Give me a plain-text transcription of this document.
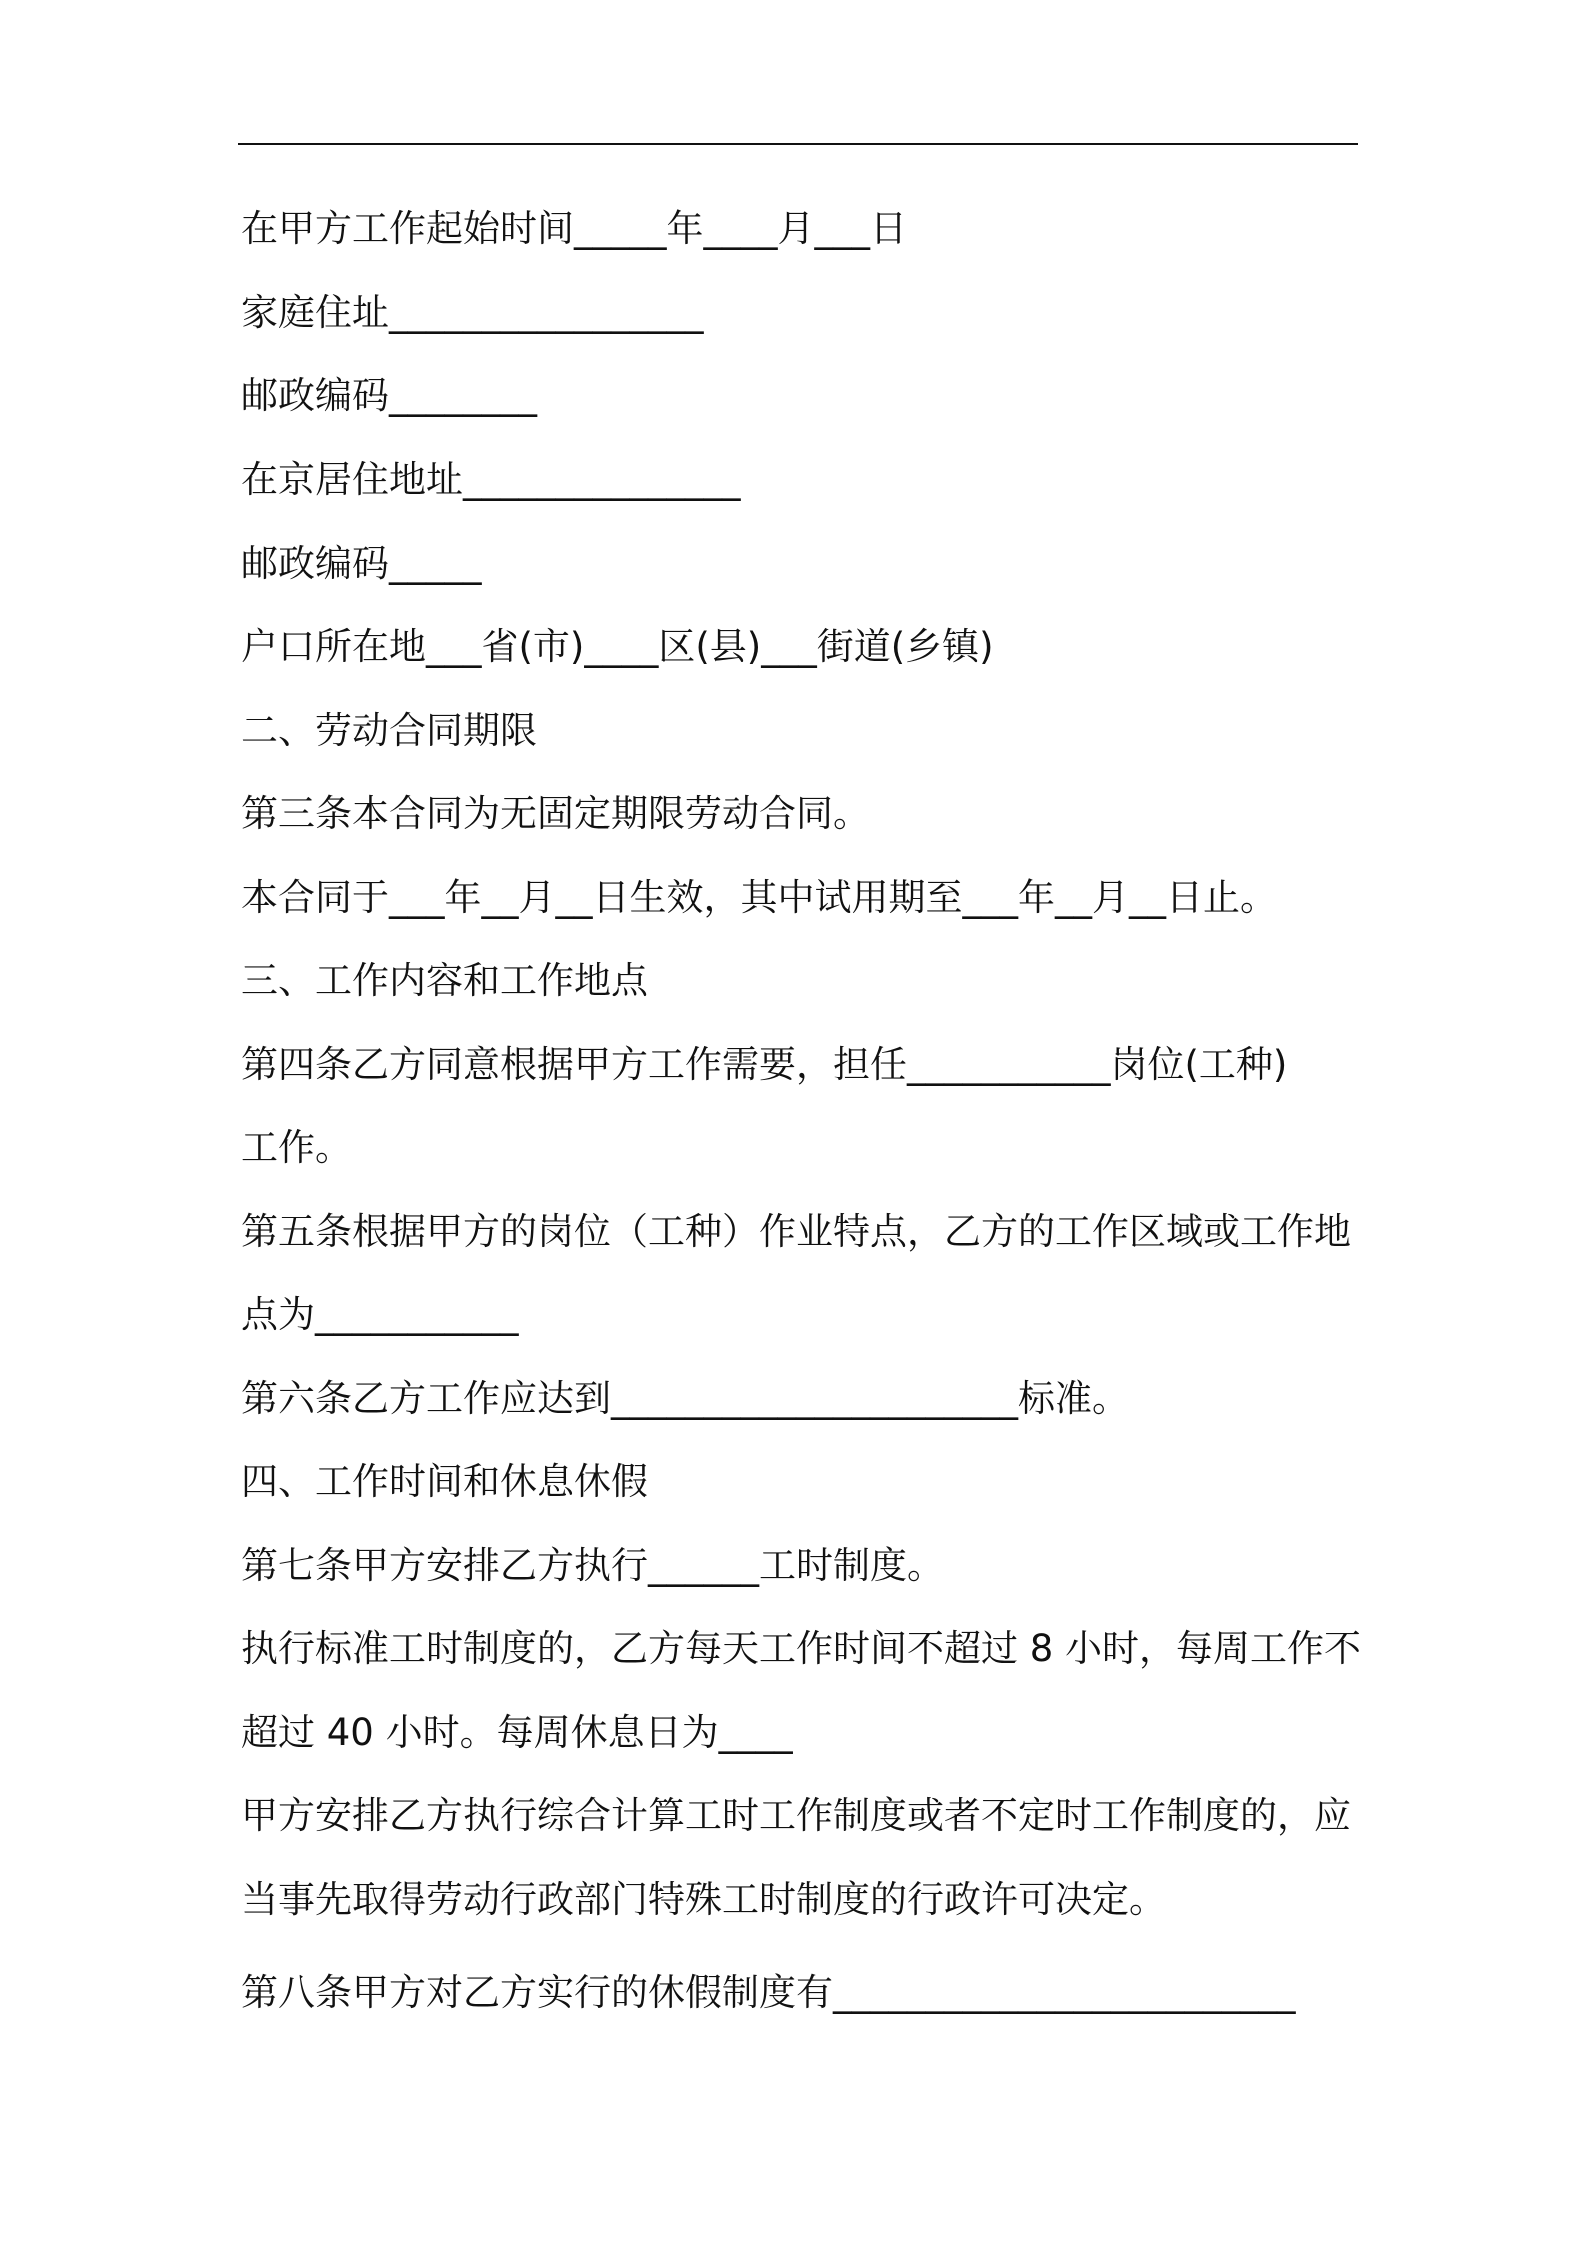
在甲方工作起始时间_____年____月___日
家庭住址_________________
邮政编码________
在京居住地址_______________
邮政编码_____
户口所在地___省(市)____区(县)___街道(乡镇)
二、劳动合同期限
第三条本合同为无固定期限劳动合同。
本合同于___年__月__日生效，其中试用期至___年__月__日止。
三、工作内容和工作地点
第四条乙方同意根据甲方工作需要，担任___________岗位(工种)
工作。
第五条根据甲方的岗位（工种）作业特点，乙方的工作区域或工作地
点为___________
第六条乙方工作应达到______________________标准。
四、工作时间和休息休假
第七条甲方安排乙方执行______工时制度。
执行标准工时制度的，乙方每天工作时间不超过 8 小时，每周工作不
超过 40 小时。每周休息日为____
甲方安排乙方执行综合计算工时工作制度或者不定时工作制度的，应
当事先取得劳动行政部门特殊工时制度的行政许可决定。
第八条甲方对乙方实行的休假制度有_________________________
